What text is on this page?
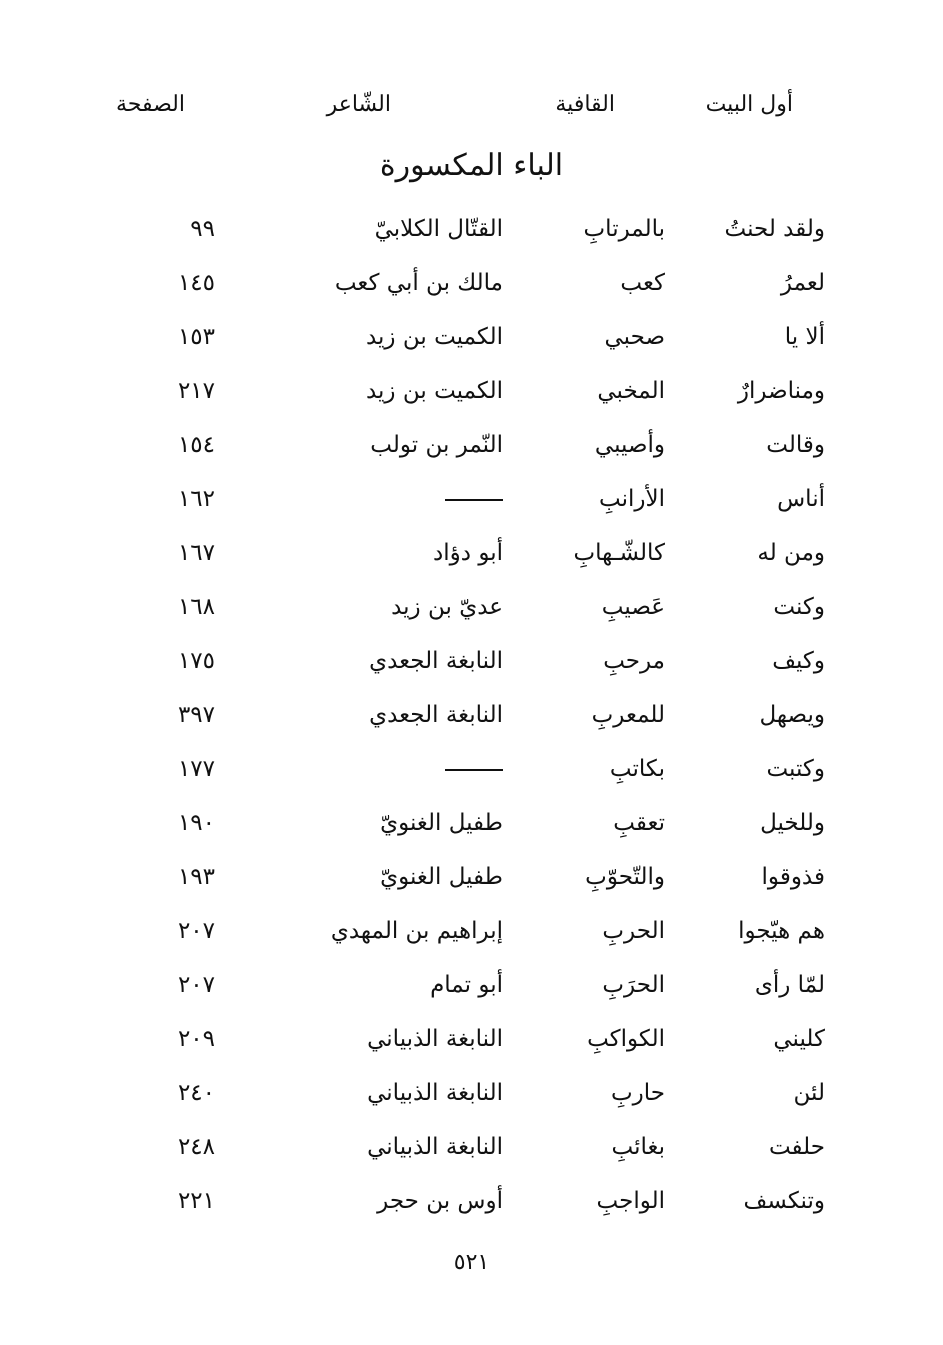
أول البيت
القافية
الشّاعر
الصفحة
الباء المكسورة
ولقد لحنتُ
بالمرتابِ
القتّال الكلابيّ
٩٩
لعمرُ
كعب
مالك بن أبي كعب
١٤٥
ألا يا
صحبي
الكميت بن زيد
١٥٣
ومناضرارٌ
المخبي
الكميت بن زيد
٢١٧
وقالت
وأصيبي
النّمر بن تولب
١٥٤
أناس
الأرانبِ
١٦٢
ومن له
كالشّـهابِ
أبو دؤاد
١٦٧
وكنت
عَصيبِ
عديّ بن زيد
١٦٨
وكيف
مرحبِ
النابغة الجعدي
١٧٥
ويصهل
للمعربِ
النابغة الجعدي
٣٩٧
وكتبت
بكاتبِ
١٧٧
وللخيل
تعقبِ
طفيل الغنويّ
١٩٠
فذوقوا
والتّحوّبِ
طفيل الغنويّ
١٩٣
هم هيّجوا
الحربِ
إبراهيم بن المهدي
٢٠٧
لمّا رأى
الحرَبِ
أبو تمام
٢٠٧
كليني
الكواكبِ
النابغة الذبياني
٢٠٩
لئن
حاربِ
النابغة الذبياني
٢٤٠
حلفت
بغائبِ
النابغة الذبياني
٢٤٨
وتنكسف
الواجبِ
أوس بن حجر
٢٢١
٥٢١
